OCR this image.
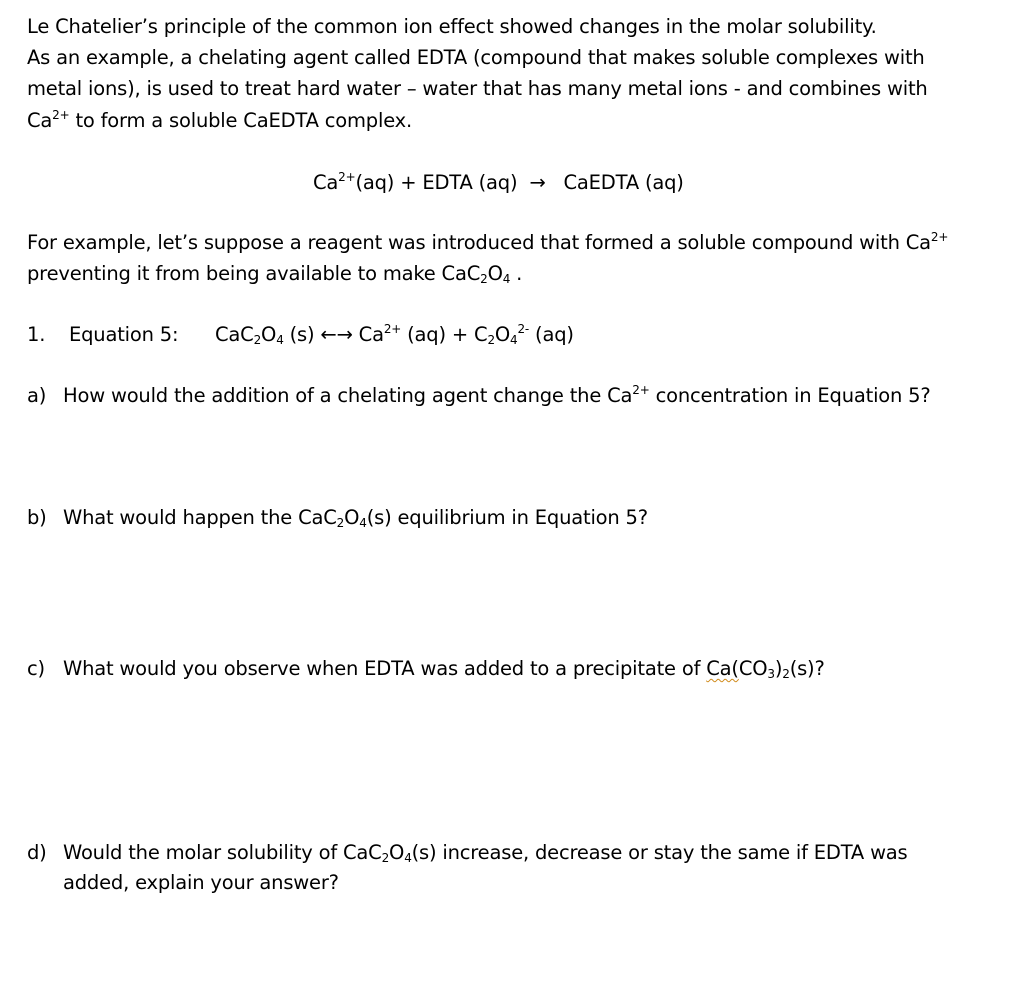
Le Chatelier’s principle of the common ion effect showed changes in the molar solubility.
As an example, a chelating agent called EDTA (compound that makes soluble complexes with
metal ions), is used to treat hard water – water that has many metal ions - and combines with
$Ca^{2+}$ to form a soluble CaEDTA complex.
$Ca^{2+}(aq)$ + EDTA (aq) → CaEDTA (aq)
For example, let’s suppose a reagent was introduced that formed a soluble compound with $Ca^{2+}$
preventing it from being available to make $CaC_2O_4$ .
1. Equation 5: $CaC_2O_4$ (s) ←→ $Ca^{2+}$ $(aq) + C_2O_4^{2-}$ (aq)
a) How would the addition of a chelating agent change the $Ca^{2+}$ concentration in Equation 5?
b) What would happen the $CaC_2O_4(s)$ equilibrium in Equation 5?
c) What would you observe when EDTA was added to a precipitate of $Ca(CO_3)_2(s)$?
d) Would the molar solubility of $CaC_2O_4(s)$ increase, decrease or stay the same if EDTA was
added, explain your answer?
